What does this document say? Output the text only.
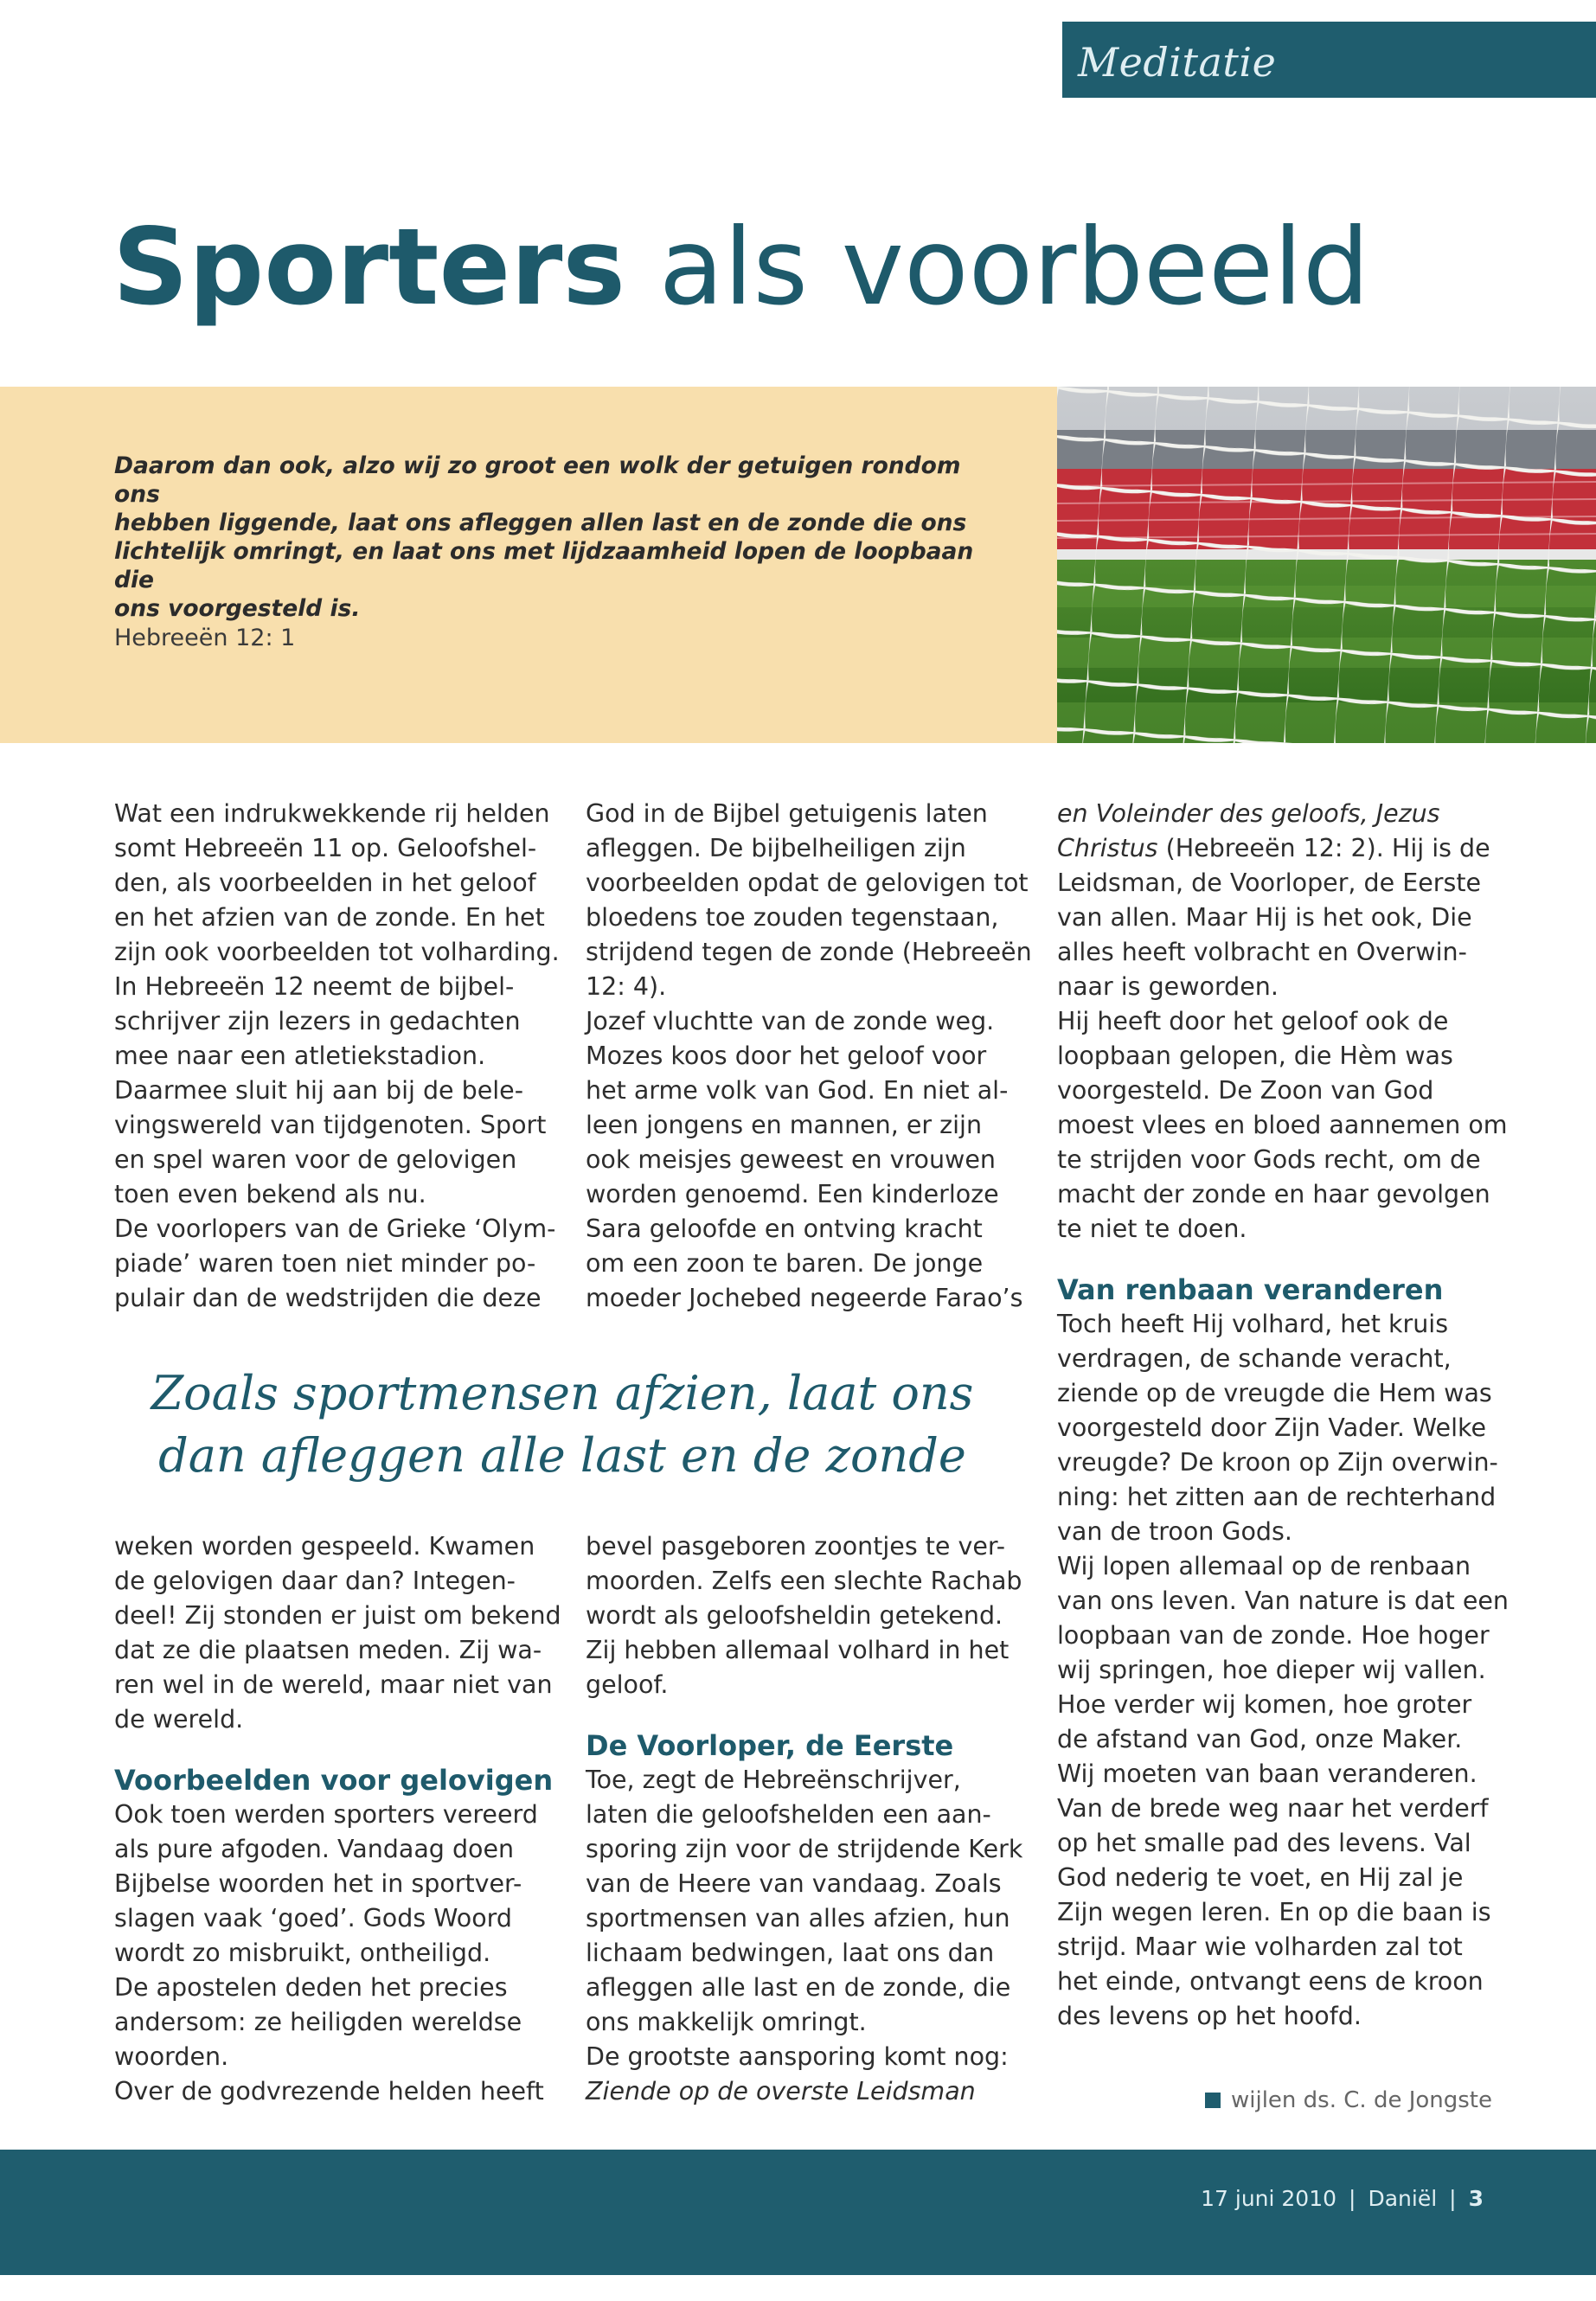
Meditatie
Sporters als voorbeeld

Daarom dan ook, alzo wij zo groot een wolk der getuigen rondom ons
hebben liggende, laat ons afleggen allen last en de zonde die ons
lichtelijk omringt, en laat ons met lijdzaamheid lopen de loopbaan die
ons voorgesteld is.

Hebreeën 12: 1
Wat een indrukwekkende rij helden
somt Hebreeën 11 op. Geloofshel-
den, als voorbeelden in het geloof
en het afzien van de zonde. En het
zijn ook voorbeelden tot volharding.
In Hebreeën 12 neemt de bijbel-
schrijver zijn lezers in gedachten
mee naar een atletiekstadion.
Daarmee sluit hij aan bij de bele-
vingswereld van tijdgenoten. Sport
en spel waren voor de gelovigen
toen even bekend als nu.
De voorlopers van de Grieke ‘Olym-
piade’ waren toen niet minder po-
pulair dan de wedstrijden die deze
God in de Bijbel getuigenis laten
afleggen. De bijbelheiligen zijn
voorbeelden opdat de gelovigen tot
bloedens toe zouden tegenstaan,
strijdend tegen de zonde (Hebreeën
12: 4).
Jozef vluchtte van de zonde weg.
Mozes koos door het geloof voor
het arme volk van God. En niet al-
leen jongens en mannen, er zijn
ook meisjes geweest en vrouwen
worden genoemd. Een kinderloze
Sara geloofde en ontving kracht
om een zoon te baren. De jonge
moeder Jochebed negeerde Farao’s

Zoals sportmensen afzien, laat ons
dan afleggen alle last en de zonde

weken worden gespeeld. Kwamen
de gelovigen daar dan? Integen-
deel! Zij stonden er juist om bekend
dat ze die plaatsen meden. Zij wa-
ren wel in de wereld, maar niet van
de wereld.
Voorbeelden voor gelovigen
Ook toen werden sporters vereerd
als pure afgoden. Vandaag doen
Bijbelse woorden het in sportver-
slagen vaak ‘goed’. Gods Woord
wordt zo misbruikt, ontheiligd.
De apostelen deden het precies
andersom: ze heiligden wereldse
woorden.
Over de godvrezende helden heeft
bevel pasgeboren zoontjes te ver-
moorden. Zelfs een slechte Rachab
wordt als geloofsheldin getekend.
Zij hebben allemaal volhard in het
geloof.
De Voorloper, de Eerste
Toe, zegt de Hebreënschrijver,
laten die geloofshelden een aan-
sporing zijn voor de strijdende Kerk
van de Heere van vandaag. Zoals
sportmensen van alles afzien, hun
lichaam bedwingen, laat ons dan
afleggen alle last en de zonde, die
ons makkelijk omringt.
De grootste aansporing komt nog:
Ziende op de overste Leidsman
en Voleinder des geloofs, Jezus
Christus (Hebreeën 12: 2). Hij is de
Leidsman, de Voorloper, de Eerste
van allen. Maar Hij is het ook, Die
alles heeft volbracht en Overwin-
naar is geworden.
Hij heeft door het geloof ook de
loopbaan gelopen, die Hèm was
voorgesteld. De Zoon van God
moest vlees en bloed aannemen om
te strijden voor Gods recht, om de
macht der zonde en haar gevolgen
te niet te doen.
Van renbaan veranderen
Toch heeft Hij volhard, het kruis
verdragen, de schande veracht,
ziende op de vreugde die Hem was
voorgesteld door Zijn Vader. Welke
vreugde? De kroon op Zijn overwin-
ning: het zitten aan de rechterhand
van de troon Gods.
Wij lopen allemaal op de renbaan
van ons leven. Van nature is dat een
loopbaan van de zonde. Hoe hoger
wij springen, hoe dieper wij vallen.
Hoe verder wij komen, hoe groter
de afstand van God, onze Maker.
Wij moeten van baan veranderen.
Van de brede weg naar het verderf
op het smalle pad des levens. Val
God nederig te voet, en Hij zal je
Zijn wegen leren. En op die baan is
strijd. Maar wie volharden zal tot
het einde, ontvangt eens de kroon
des levens op het hoofd.
wijlen ds. C. de Jongste
17 juni 2010 | Daniël | 3
